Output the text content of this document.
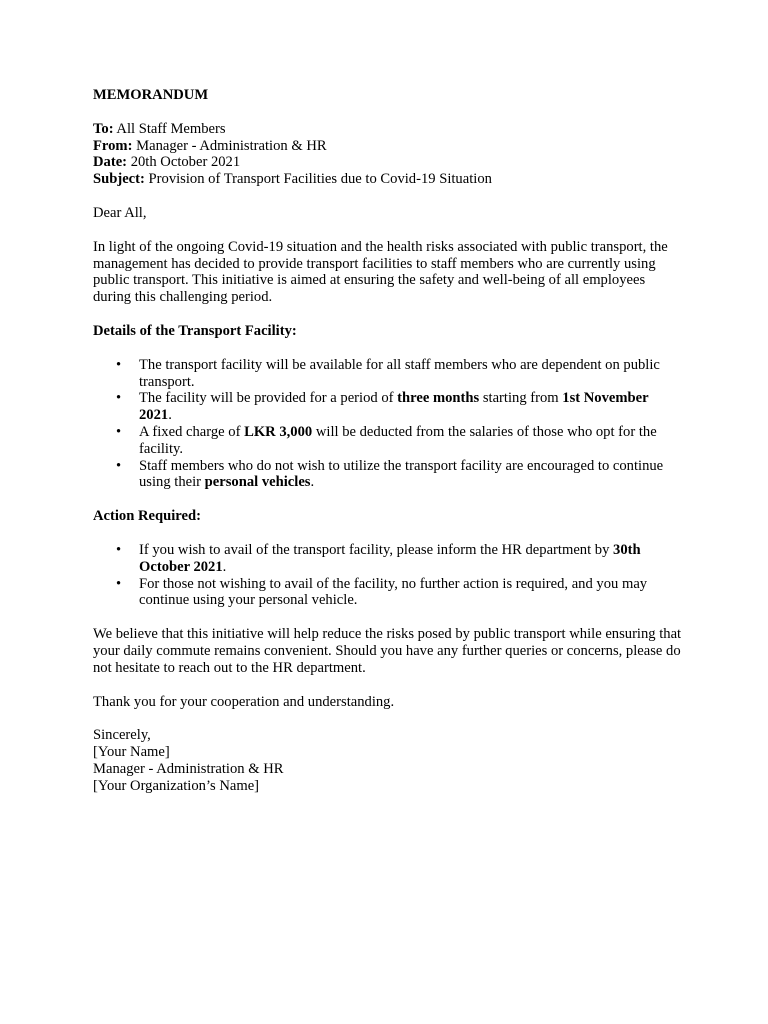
MEMORANDUM

To: All Staff Members

From: Manager - Administration & HR

Date: 20th October 2021

Subject: Provision of Transport Facilities due to Covid-19 Situation

Dear All,

In light of the ongoing Covid-19 situation and the health risks associated with public transport, the management has decided to provide transport facilities to staff members who are currently using public transport. This initiative is aimed at ensuring the safety and well-being of all employees during this challenging period.

Details of the Transport Facility:

• The transport facility will be available for all staff members who are dependent on public transport.
• The facility will be provided for a period of three months starting from 1st November 2021.
• A fixed charge of LKR 3,000 will be deducted from the salaries of those who opt for the facility.
• Staff members who do not wish to utilize the transport facility are encouraged to continue using their personal vehicles.

Action Required:

• If you wish to avail of the transport facility, please inform the HR department by 30th October 2021.
• For those not wishing to avail of the facility, no further action is required, and you may continue using your personal vehicle.

We believe that this initiative will help reduce the risks posed by public transport while ensuring that your daily commute remains convenient. Should you have any further queries or concerns, please do not hesitate to reach out to the HR department.

Thank you for your cooperation and understanding.

Sincerely,

[Your Name]

Manager - Administration & HR

[Your Organization’s Name]
